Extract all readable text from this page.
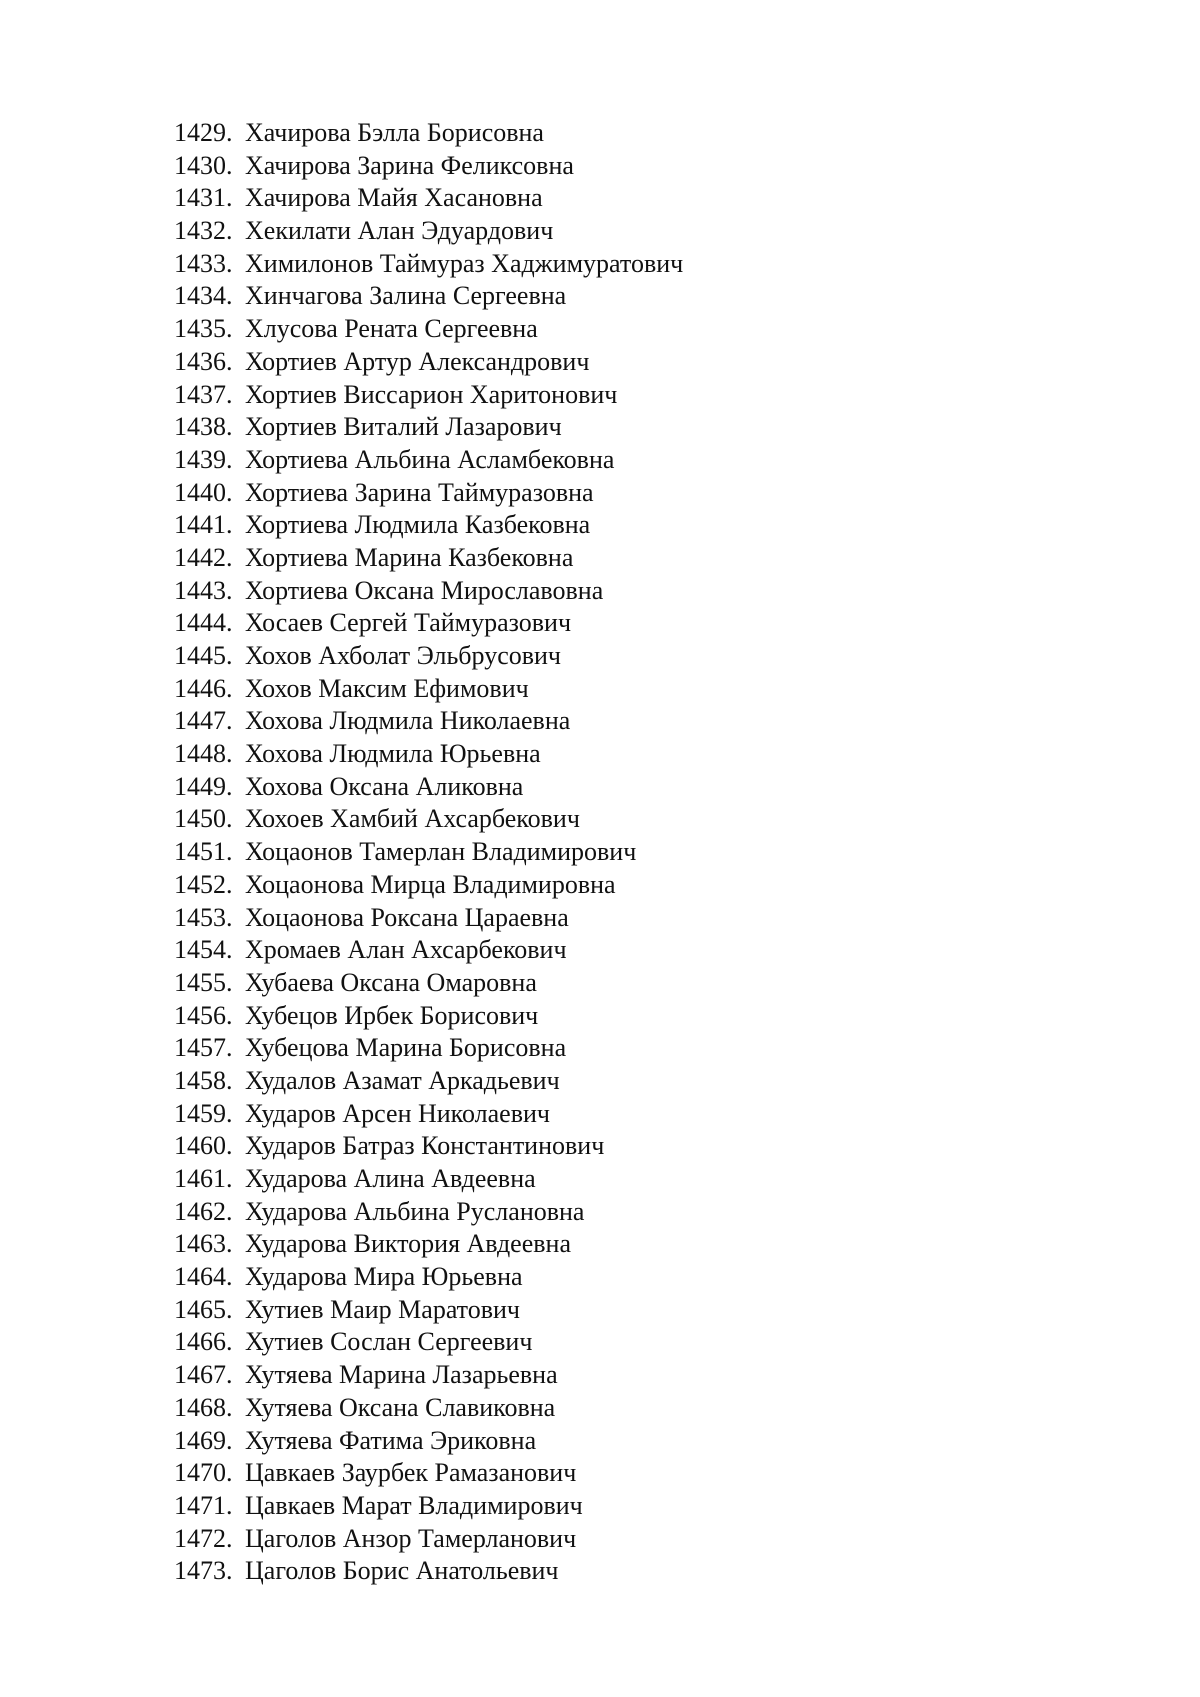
1429. Хачирова Бэлла Борисовна
1430. Хачирова Зарина Феликсовна
1431. Хачирова Майя Хасановна
1432. Хекилати Алан Эдуардович
1433. Химилонов Таймураз Хаджимуратович
1434. Хинчагова Залина Сергеевна
1435. Хлусова Рената Сергеевна
1436. Хортиев Артур Александрович
1437. Хортиев Виссарион Харитонович
1438. Хортиев Виталий Лазарович
1439. Хортиева Альбина Асламбековна
1440. Хортиева Зарина Таймуразовна
1441. Хортиева Людмила Казбековна
1442. Хортиева Марина Казбековна
1443. Хортиева Оксана Мирославовна
1444. Хосаев Сергей Таймуразович
1445. Хохов Ахболат Эльбрусович
1446. Хохов Максим Ефимович
1447. Хохова Людмила Николаевна
1448. Хохова Людмила Юрьевна
1449. Хохова Оксана Аликовна
1450. Хохоев Хамбий Ахсарбекович
1451. Хоцаонов Тамерлан Владимирович
1452. Хоцаонова Мирца Владимировна
1453. Хоцаонова Роксана Цараевна
1454. Хромаев Алан Ахсарбекович
1455. Хубаева Оксана Омаровна
1456. Хубецов Ирбек Борисович
1457. Хубецова Марина Борисовна
1458. Худалов Азамат Аркадьевич
1459. Хударов Арсен Николаевич
1460. Хударов Батраз Константинович
1461. Хударова Алина Авдеевна
1462. Хударова Альбина Руслановна
1463. Хударова Виктория Авдеевна
1464. Хударова Мира Юрьевна
1465. Хутиев Маир Маратович
1466. Хутиев Сослан Сергеевич
1467. Хутяева Марина Лазарьевна
1468. Хутяева Оксана Славиковна
1469. Хутяева Фатима Эриковна
1470. Цавкаев Заурбек Рамазанович
1471. Цавкаев Марат Владимирович
1472. Цаголов Анзор Тамерланович
1473. Цаголов Борис Анатольевич
